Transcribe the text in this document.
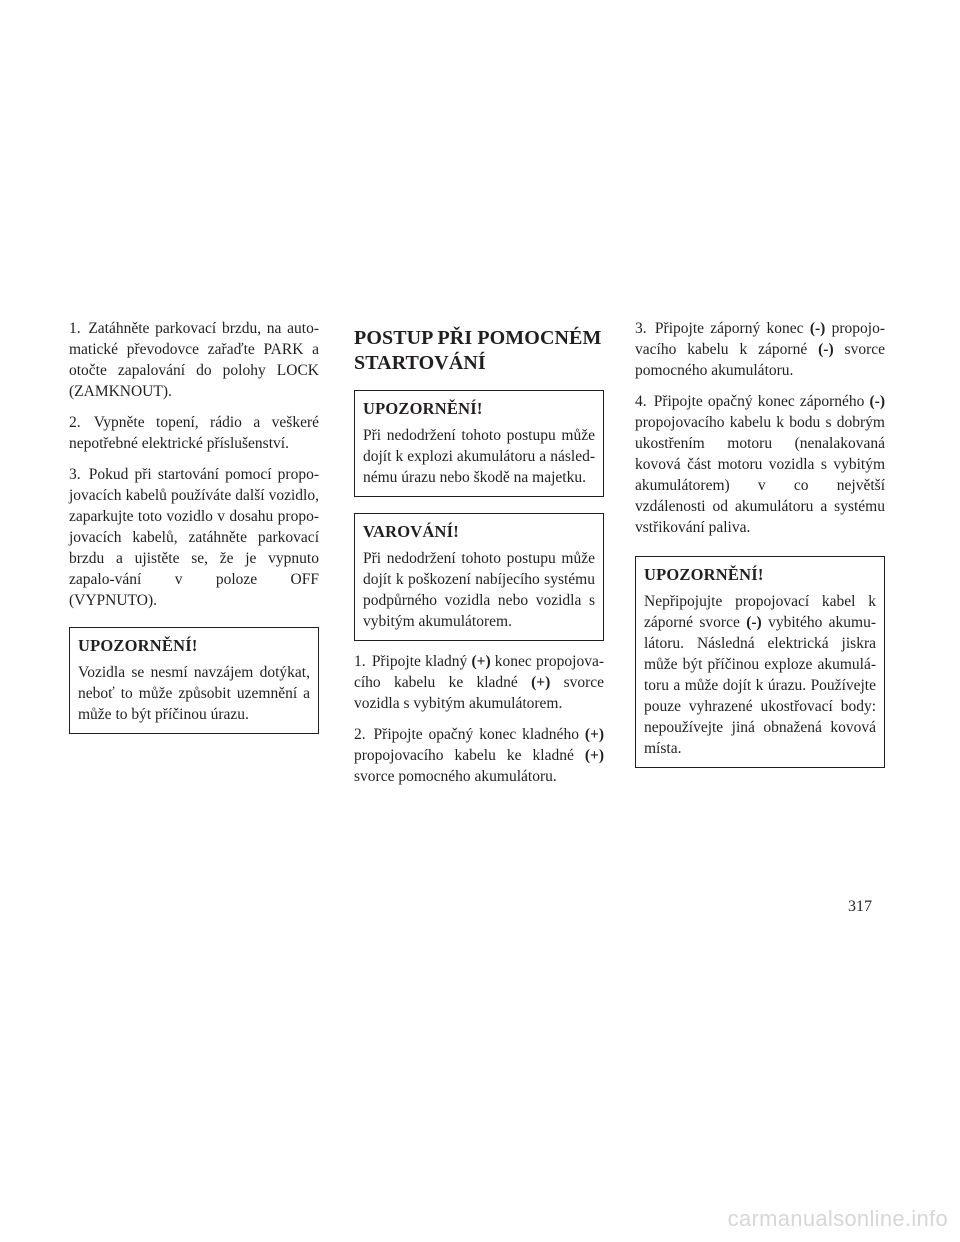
1. Zatáhněte parkovací brzdu, na auto-matické převodovce zařaďte PARK a otočte zapalování do polohy LOCK (ZAMKNOUT).

2. Vypněte topení, rádio a veškeré nepotřebné elektrické příslušenství.

3. Pokud při startování pomocí propo-jovacích kabelů používáte další vozidlo, zaparkujte toto vozidlo v dosahu propo-jovacích kabelů, zatáhněte parkovací brzdu a ujistěte se, že je vypnuto zapalo-vání v poloze OFF (VYPNUTO).

UPOZORNĚNÍ!

Vozidla se nesmí navzájem dotýkat, neboť to může způsobit uzemnění a může to být příčinou úrazu.

POSTUP PŘI POMOCNÉM STARTOVÁNÍ
UPOZORNĚNÍ!

Při nedodržení tohoto postupu může dojít k explozi akumulátoru a násled-nému úrazu nebo škodě na majetku.

VAROVÁNÍ!

Při nedodržení tohoto postupu může dojít k poškození nabíjecího systému podpůrného vozidla nebo vozidla s vybitým akumulátorem.

1. Připojte kladný (+) konec propojova-cího kabelu ke kladné (+) svorce vozidla s vybitým akumulátorem.

2. Připojte opačný konec kladného (+) propojovacího kabelu ke kladné (+) svorce pomocného akumulátoru.

3. Připojte záporný konec (-) propojo-vacího kabelu k záporné (-) svorce pomocného akumulátoru.

4. Připojte opačný konec záporného (-) propojovacího kabelu k bodu s dobrým ukostřením motoru (nenalakovaná kovová část motoru vozidla s vybitým akumulátorem) v co největší vzdálenosti od akumulátoru a systému vstřikování paliva.

UPOZORNĚNÍ!

Nepřipojujte propojovací kabel k záporné svorce (-) vybitého akumu-látoru. Následná elektrická jiskra může být příčinou exploze akumulá-toru a může dojít k úrazu. Používejte pouze vyhrazené ukostřovací body: nepoužívejte jiná obnažená kovová místa.

317
carmanualsonline.info
